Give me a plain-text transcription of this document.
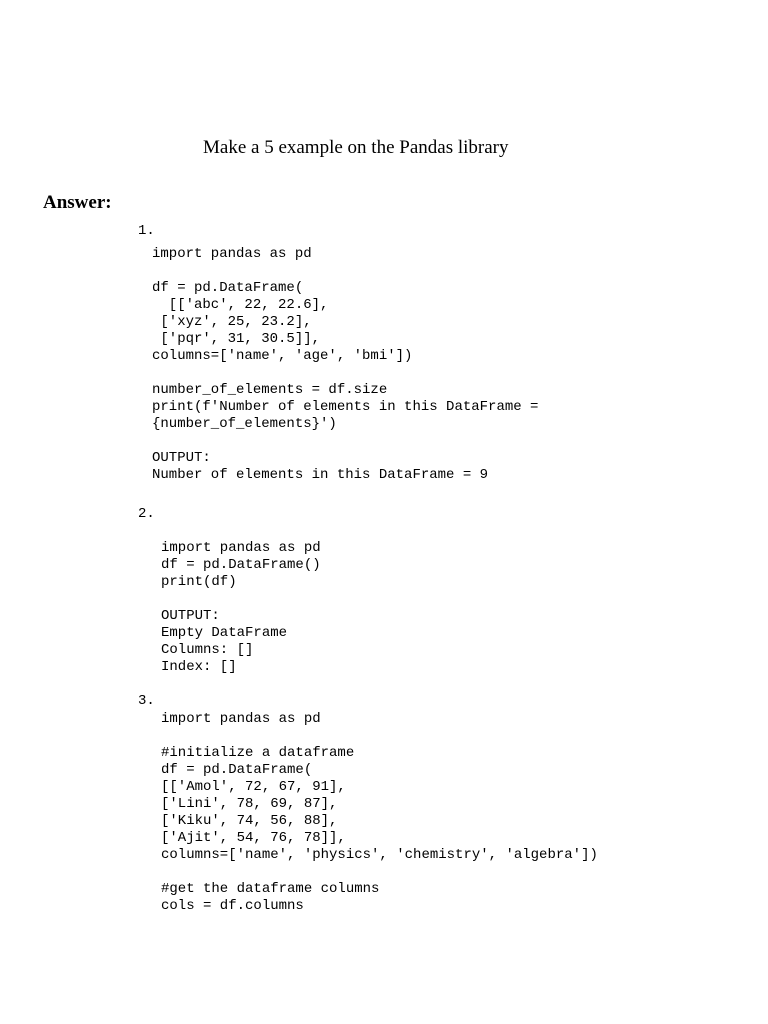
Make a 5 example on the Pandas library
Answer:
1.
import pandas as pd

df = pd.DataFrame(
[['abc', 22, 22.6],
['xyz', 25, 23.2],
['pqr', 31, 30.5]],
columns=['name', 'age', 'bmi'])

number_of_elements = df.size
print(f'Number of elements in this DataFrame =
{number_of_elements}')

OUTPUT:
Number of elements in this DataFrame = 9
2.
import pandas as pd
df = pd.DataFrame()
print(df)

OUTPUT:
Empty DataFrame
Columns: []
Index: []
3.
import pandas as pd

#initialize a dataframe
df = pd.DataFrame(
[['Amol', 72, 67, 91],
['Lini', 78, 69, 87],
['Kiku', 74, 56, 88],
['Ajit', 54, 76, 78]],
columns=['name', 'physics', 'chemistry', 'algebra'])

#get the dataframe columns
cols = df.columns
